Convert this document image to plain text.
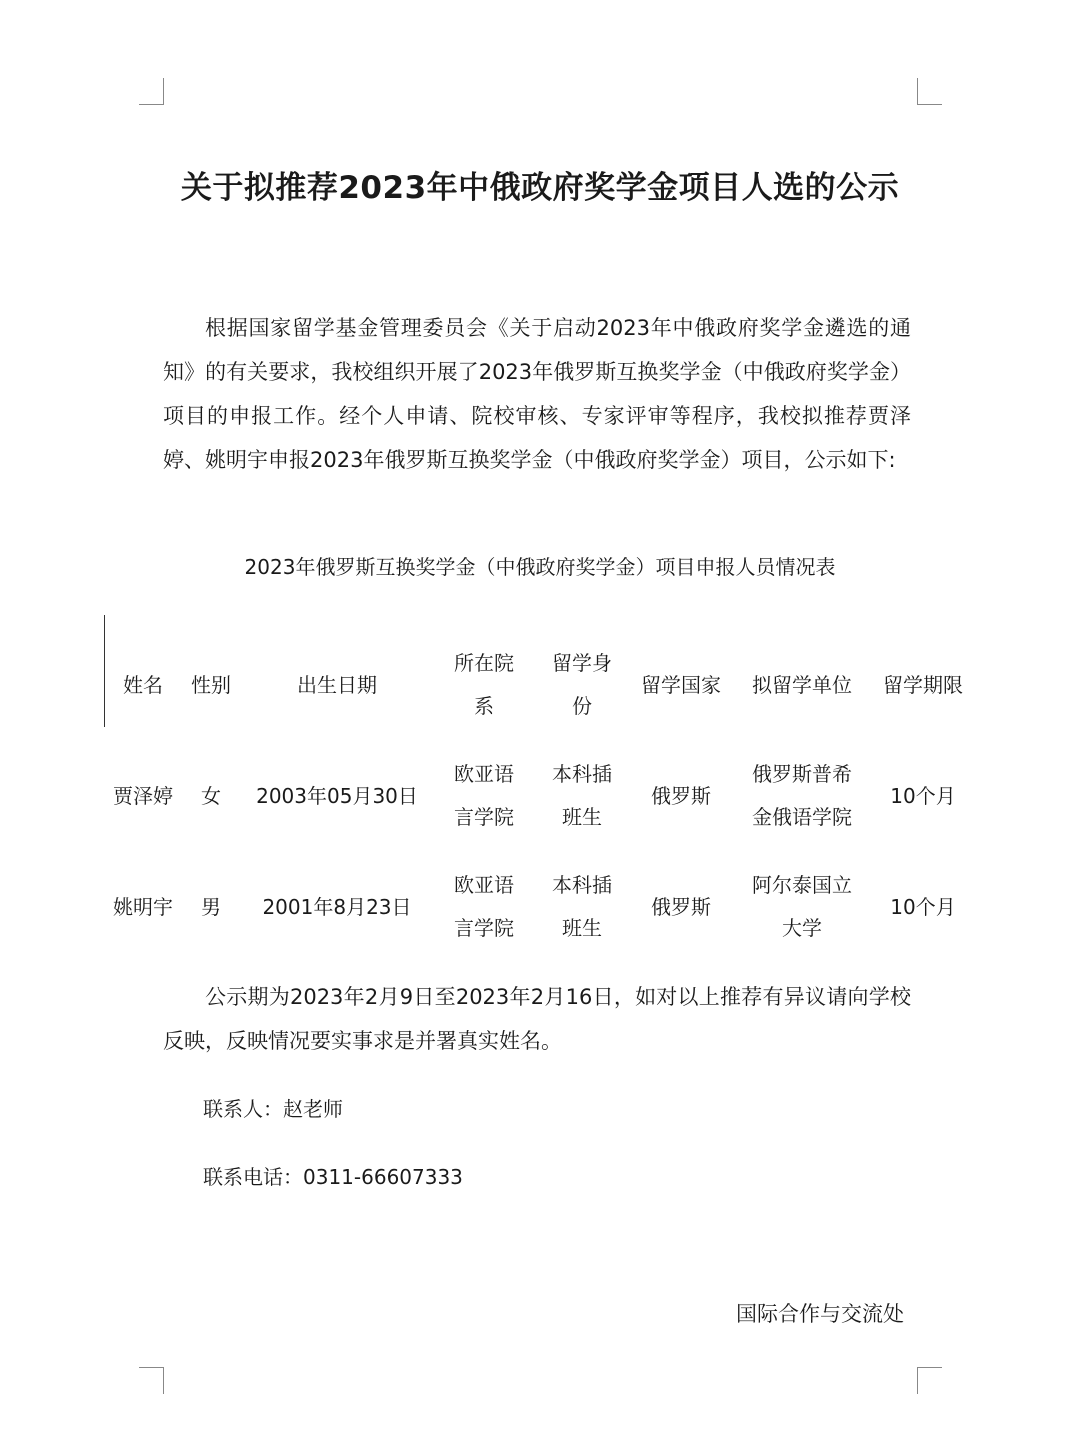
关于拟推荐2023年中俄政府奖学金项目人选的公示
根据国家留学基金管理委员会《关于启动2023年中俄政府奖学金遴选的通知》的有关要求，我校组织开展了2023年俄罗斯互换奖学金（中俄政府奖学金）项目的申报工作。经个人申请、院校审核、专家评审等程序，我校拟推荐贾泽婷、姚明宇申报2023年俄罗斯互换奖学金（中俄政府奖学金）项目，公示如下:
2023年俄罗斯互换奖学金（中俄政府奖学金）项目申报人员情况表
姓名 性别	出生日期
所在院
系
留学身
份
留学国家 拟留学单位 留学期限
贾泽婷 女 2003年05月30日
欧亚语
言学院
本科插
班生
俄罗斯
俄罗斯普希
金俄语学院
10个月
姚明宇 男 2001年8月23日
欧亚语
言学院
本科插
班生
俄罗斯
阿尔泰国立
大学
10个月
公示期为2023年2月9日至2023年2月16日，如对以上推荐有异议请向学校反映，反映情况要实事求是并署真实姓名。
联系人：赵老师
联系电话：0311-66607333
国际合作与交流处
